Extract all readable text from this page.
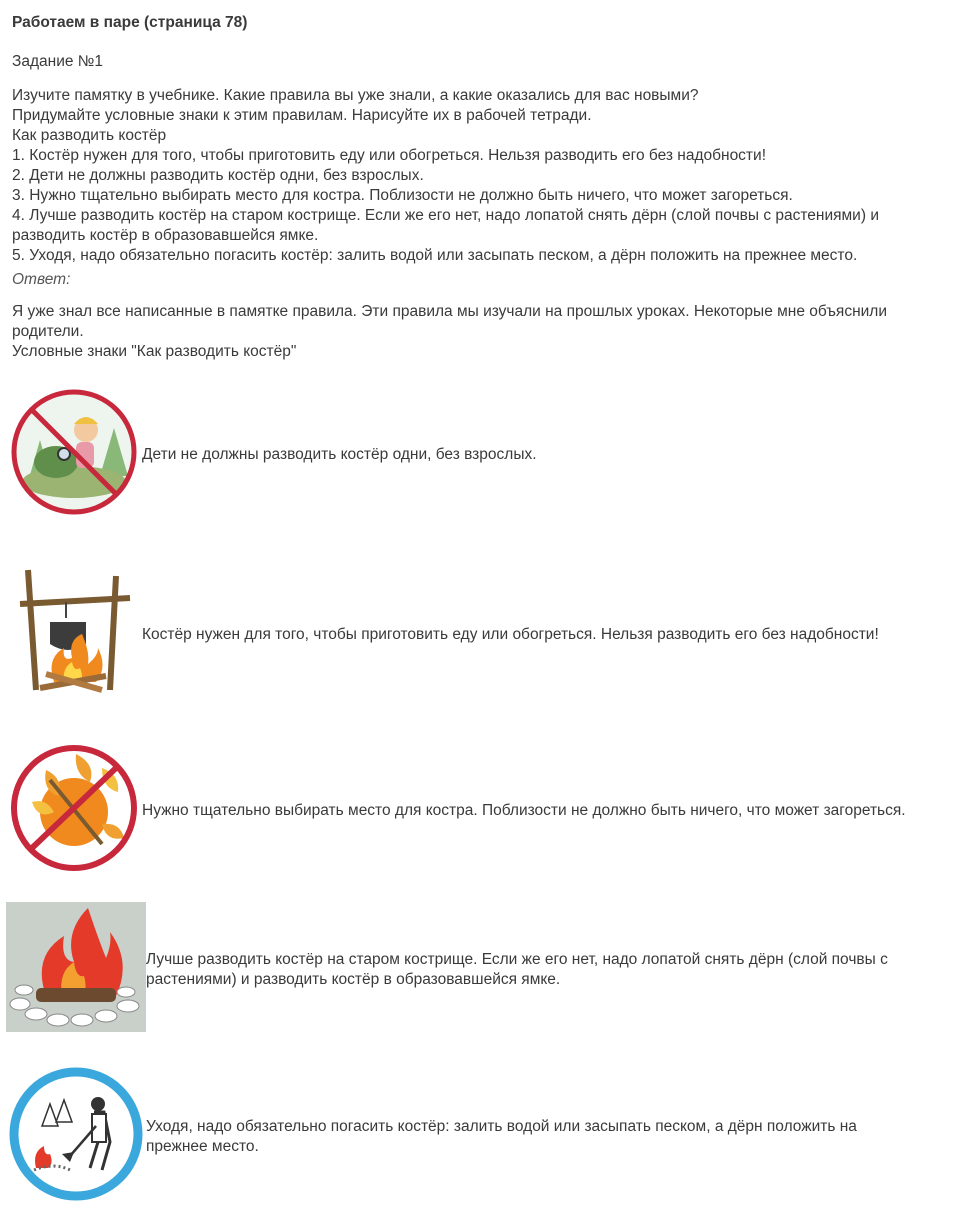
Работаем в паре (страница 78)
Задание №1
Изучите памятку в учебнике. Какие правила вы уже знали, а какие оказались для вас новыми?
Придумайте условные знаки к этим правилам. Нарисуйте их в рабочей тетради.
Как разводить костёр
1. Костёр нужен для того, чтобы приготовить еду или обогреться. Нельзя разводить его без надобности!
2. Дети не должны разводить костёр одни, без взрослых.
3. Нужно тщательно выбирать место для костра. Поблизости не должно быть ничего, что может загореться.
4. Лучше разводить костёр на старом кострище. Если же его нет, надо лопатой снять дёрн (слой почвы с растениями) и разводить костёр в образовавшейся ямке.
5. Уходя, надо обязательно погасить костёр: залить водой или засыпать песком, а дёрн положить на прежнее место.
Ответ:
Я уже знал все написанные в памятке правила. Эти правила мы изучали на прошлых уроках. Некоторые мне объяснили родители.
Условные знаки "Как разводить костёр"
Дети не должны разводить костёр одни, без взрослых.
Костёр нужен для того, чтобы приготовить еду или обогреться. Нельзя разводить его без надобности!
Нужно тщательно выбирать место для костра. Поблизости не должно быть ничего, что может загореться.
Лучше разводить костёр на старом кострище. Если же его нет, надо лопатой снять дёрн (слой почвы с растениями) и разводить костёр в образовавшейся ямке.
Уходя, надо обязательно погасить костёр: залить водой или засыпать песком, а дёрн положить на прежнее место.
